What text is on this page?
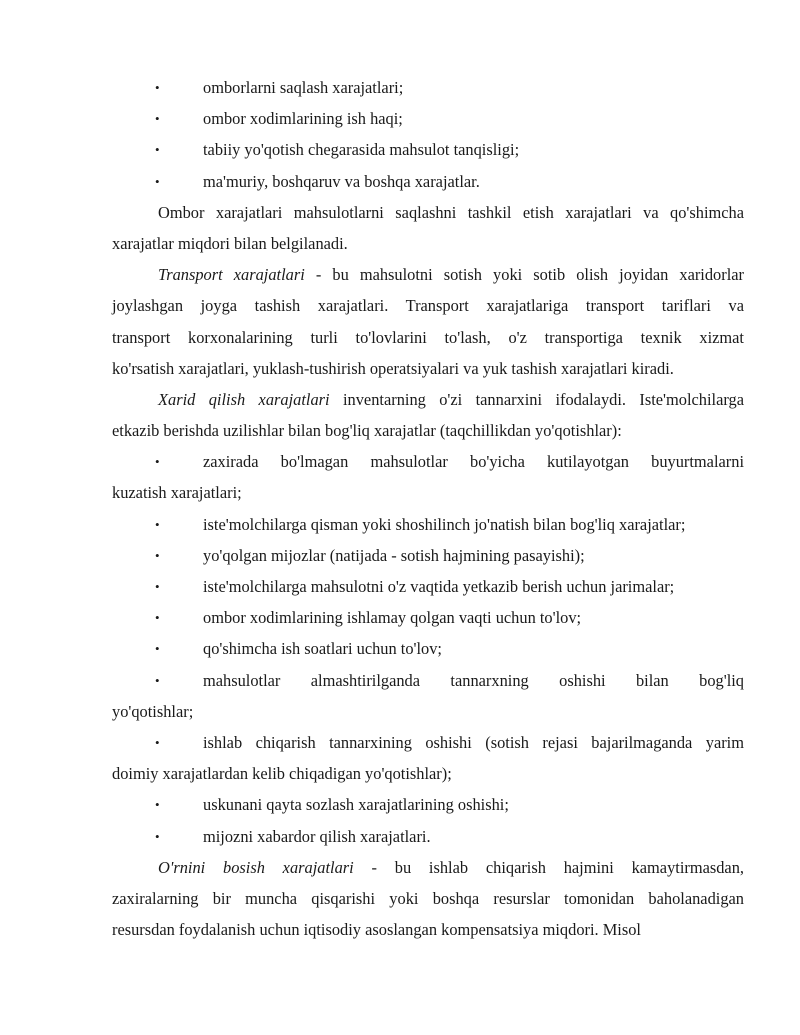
•	omborlarni saqlash xarajatlari;
•	ombor xodimlarining ish haqi;
•	tabiiy yo'qotish chegarasida mahsulot tanqisligi;
•	ma'muriy, boshqaruv va boshqa xarajatlar.
Ombor xarajatlari mahsulotlarni saqlashni tashkil etish xarajatlari va qo'shimcha
xarajatlar miqdori bilan belgilanadi.
Transport xarajatlari - bu mahsulotni sotish yoki sotib olish joyidan xaridorlar
joylashgan joyga tashish xarajatlari. Transport xarajatlariga transport tariflari va
transport korxonalarining turli to'lovlarini to'lash, o'z transportiga texnik xizmat
ko'rsatish xarajatlari, yuklash-tushirish operatsiyalari va yuk tashish xarajatlari kiradi.
Xarid qilish xarajatlari inventarning o'zi tannarxini ifodalaydi. Iste'molchilarga
etkazib berishda uzilishlar bilan bog'liq xarajatlar (taqchillikdan yo'qotishlar):
•	zaxirada bo'lmagan mahsulotlar bo'yicha kutilayotgan buyurtmalarni
kuzatish xarajatlari;
•	iste'molchilarga qisman yoki shoshilinch jo'natish bilan bog'liq xarajatlar;
•	yo'qolgan mijozlar (natijada - sotish hajmining pasayishi);
•	iste'molchilarga mahsulotni o'z vaqtida yetkazib berish uchun jarimalar;
•	ombor xodimlarining ishlamay qolgan vaqti uchun to'lov;
•	qo'shimcha ish soatlari uchun to'lov;
•	mahsulotlar almashtirilganda tannarxning oshishi bilan bog'liq
yo'qotishlar;
•	ishlab chiqarish tannarxining oshishi (sotish rejasi bajarilmaganda yarim
doimiy xarajatlardan kelib chiqadigan yo'qotishlar);
•	uskunani qayta sozlash xarajatlarining oshishi;
•	mijozni xabardor qilish xarajatlari.
O'rnini bosish xarajatlari - bu ishlab chiqarish hajmini kamaytirmasdan,
zaxiralarning bir muncha qisqarishi yoki boshqa resurslar tomonidan baholanadigan
resursdan foydalanish uchun iqtisodiy asoslangan kompensatsiya miqdori. Misol
